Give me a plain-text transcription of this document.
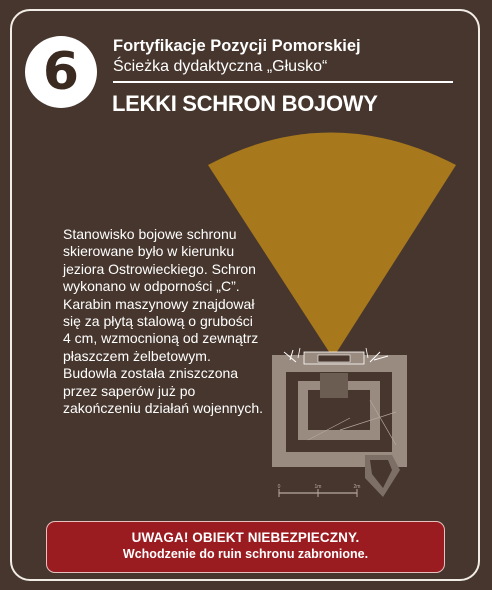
6 Fortyfikacje Pozycji Pomorskiej
Ścieżka dydaktyczna „Głusko“
LEKKI SCHRON BOJOWY
Stanowisko bojowe schronu skierowane było w kierunku jeziora Ostrowieckiego. Schron wykonano w odporności „C”. Karabin maszynowy znajdował się za płytą stalową o grubości 4 cm, wzmocnioną od zewnątrz płaszczem żelbetowym. Budowla została zniszczona przez saperów już po zakończeniu działań wojennych.
0	1m	2m
UWAGA! OBIEKT NIEBEZPIECZNY.
Wchodzenie do ruin schronu zabronione.
